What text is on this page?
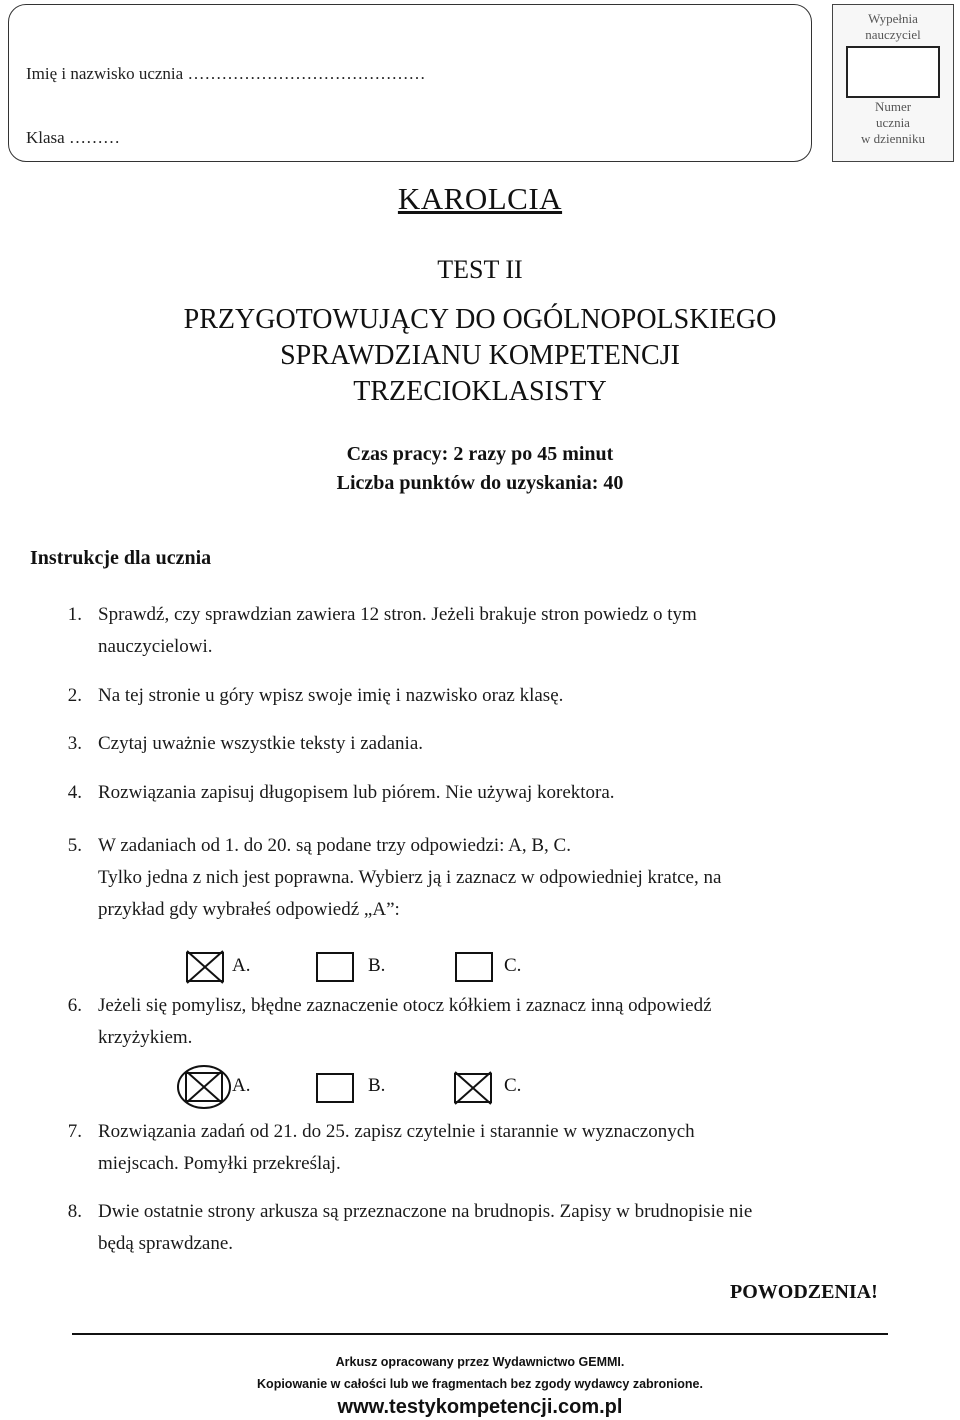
Imię i nazwisko ucznia ……………………………………
Klasa ………
Wypełnia
nauczyciel
Numer
ucznia
w dzienniku
KAROLCIA
TEST II
PRZYGOTOWUJĄCY DO OGÓLNOPOLSKIEGO
SPRAWDZIANU KOMPETENCJI
TRZECIOKLASISTY
Czas pracy: 2 razy po 45 minut
Liczba punktów do uzyskania: 40
Instrukcje dla ucznia
1. Sprawdź, czy sprawdzian zawiera 12 stron. Jeżeli brakuje stron powiedz o tym
nauczycielowi.
2. Na tej stronie u góry wpisz swoje imię i nazwisko oraz klasę.
3. Czytaj uważnie wszystkie teksty i zadania.
4. Rozwiązania zapisuj długopisem lub piórem. Nie używaj korektora.
5. W zadaniach od 1. do 20. są podane trzy odpowiedzi: A, B, C.
Tylko jedna z nich jest poprawna. Wybierz ją i zaznacz w odpowiedniej kratce, na
przykład gdy wybrałeś odpowiedź „A”:
A.	B.	C.
6. Jeżeli się pomylisz, błędne zaznaczenie otocz kółkiem i zaznacz inną odpowiedź
krzyżykiem.
A.	B.	C.
7. Rozwiązania zadań od 21. do 25. zapisz czytelnie i starannie w wyznaczonych
miejscach. Pomyłki przekreślaj.
8. Dwie ostatnie strony arkusza są przeznaczone na brudnopis. Zapisy w brudnopisie nie
będą sprawdzane.
POWODZENIA!
Arkusz opracowany przez Wydawnictwo GEMMI.
Kopiowanie w całości lub we fragmentach bez zgody wydawcy zabronione.
www.testykompetencji.com.pl
